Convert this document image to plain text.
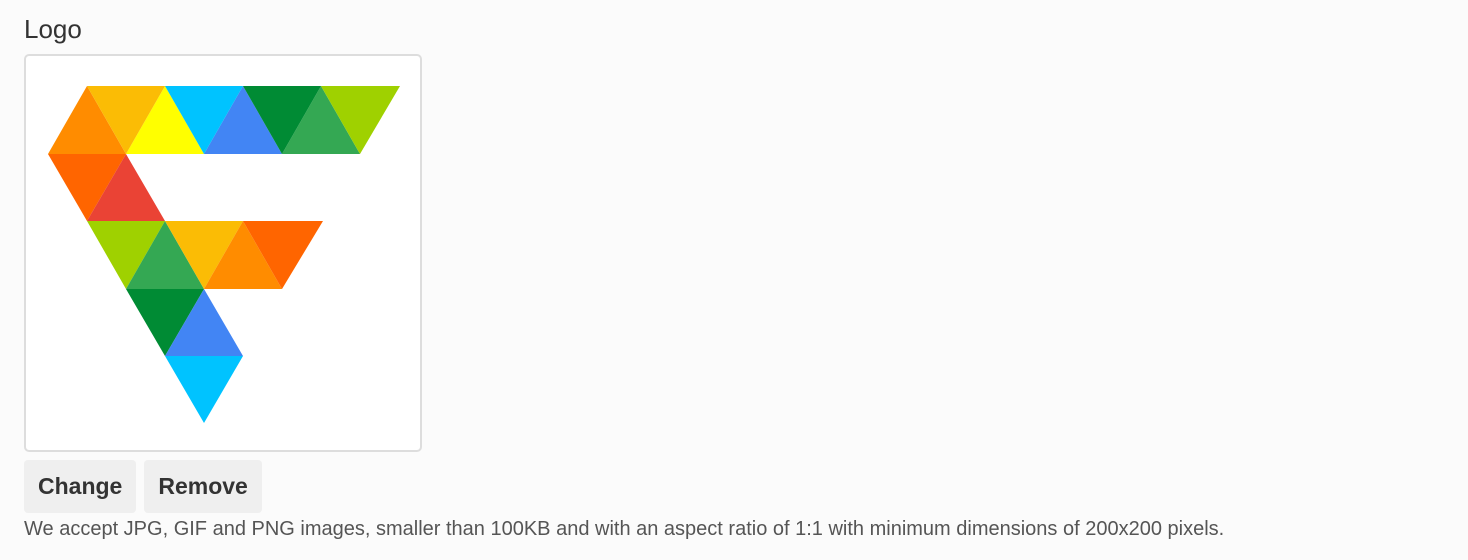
Logo
Change	Remove

We accept JPG, GIF and PNG images, smaller than 100KB and with an aspect ratio of 1:1 with minimum dimensions of 200x200 pixels.
